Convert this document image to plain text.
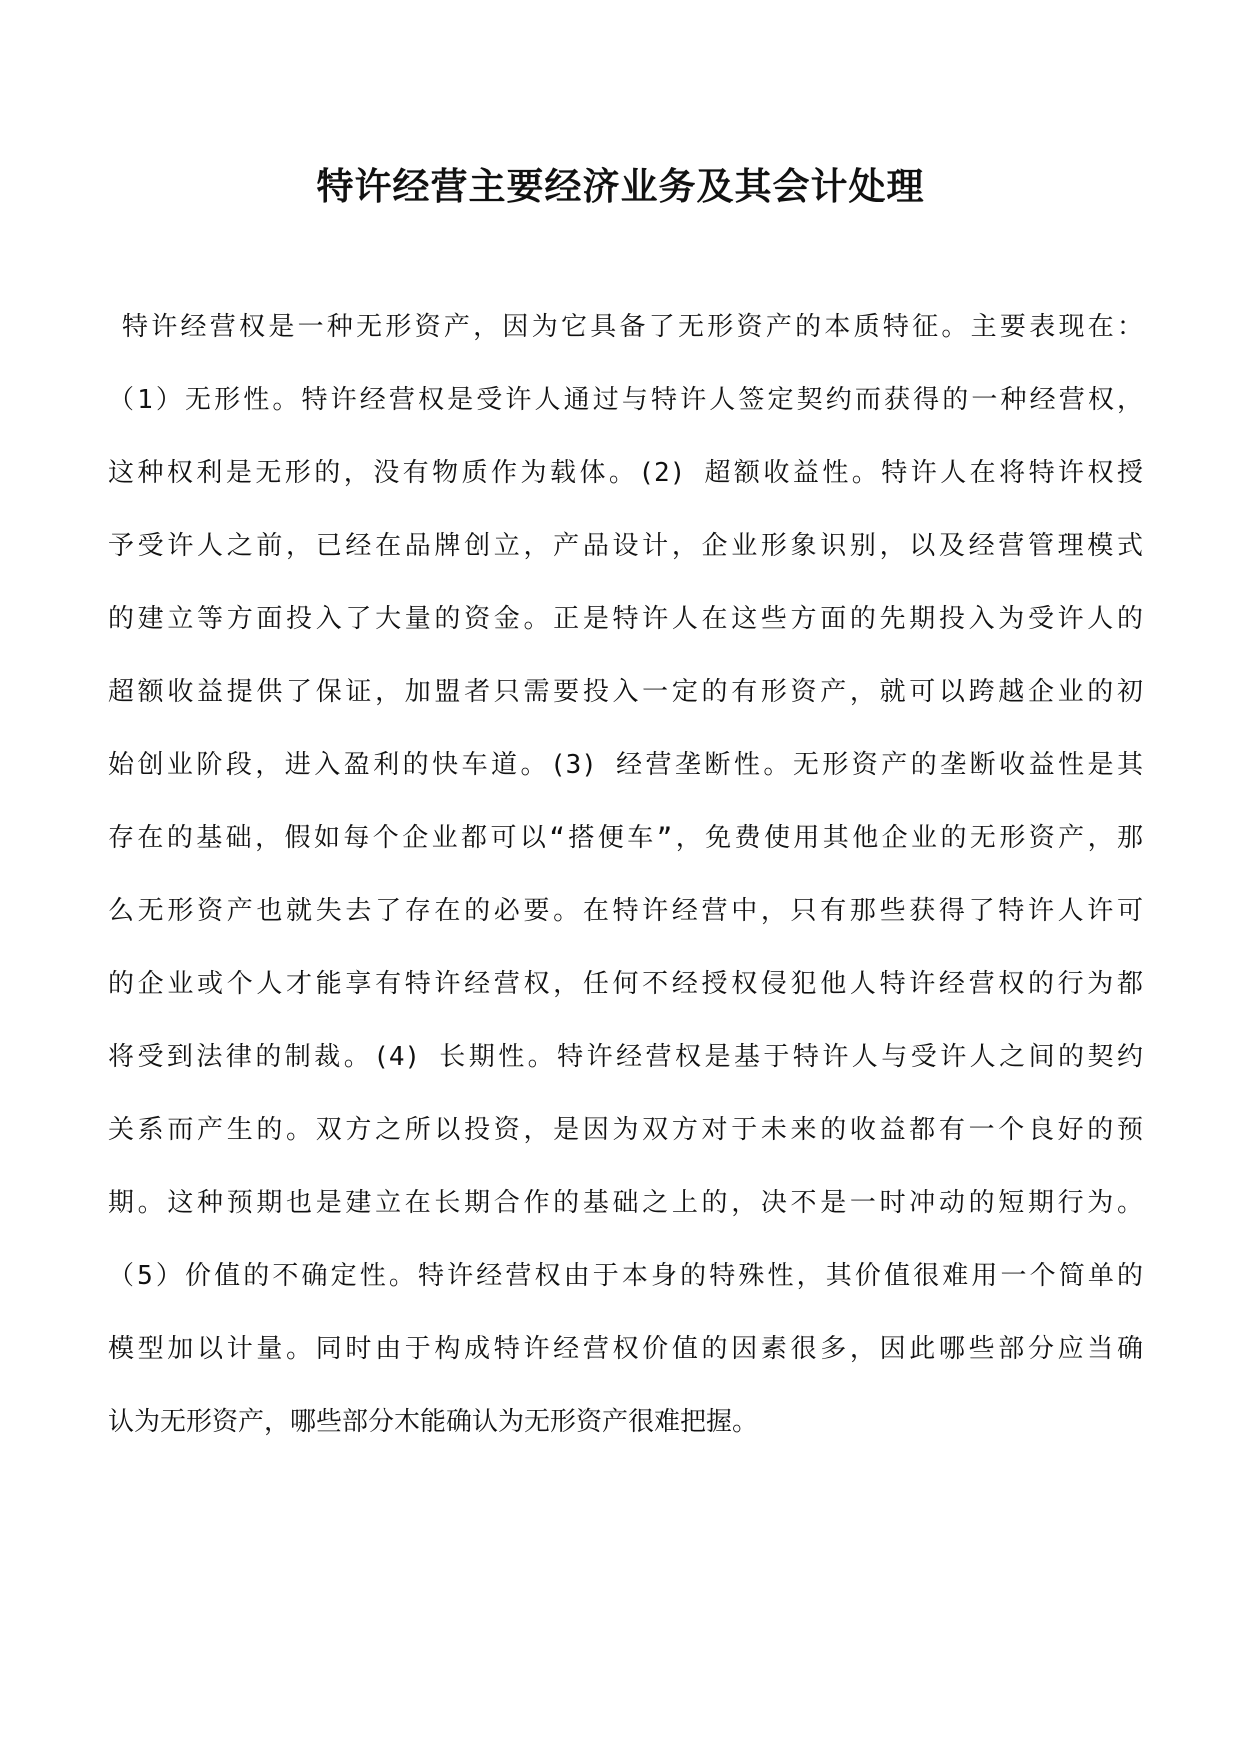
特许经营主要经济业务及其会计处理

特许经营权是一种无形资产，因为它具备了无形资产的本质特征。主要表现在：

（1）无形性。特许经营权是受许人通过与特许人签定契约而获得的一种经营权，

这种权利是无形的，没有物质作为载体。(2) 超额收益性。特许人在将特许权授

予受许人之前，已经在品牌创立，产品设计，企业形象识别，以及经营管理模式

的建立等方面投入了大量的资金。正是特许人在这些方面的先期投入为受许人的

超额收益提供了保证，加盟者只需要投入一定的有形资产，就可以跨越企业的初

始创业阶段，进入盈利的快车道。(3) 经营垄断性。无形资产的垄断收益性是其

存在的基础，假如每个企业都可以“搭便车”，免费使用其他企业的无形资产，那

么无形资产也就失去了存在的必要。在特许经营中，只有那些获得了特许人许可

的企业或个人才能享有特许经营权，任何不经授权侵犯他人特许经营权的行为都

将受到法律的制裁。(4) 长期性。特许经营权是基于特许人与受许人之间的契约

关系而产生的。双方之所以投资，是因为双方对于未来的收益都有一个良好的预

期。这种预期也是建立在长期合作的基础之上的，决不是一时冲动的短期行为。

（5）价值的不确定性。特许经营权由于本身的特殊性，其价值很难用一个简单的

模型加以计量。同时由于构成特许经营权价值的因素很多，因此哪些部分应当确

认为无形资产，哪些部分木能确认为无形资产很难把握。
